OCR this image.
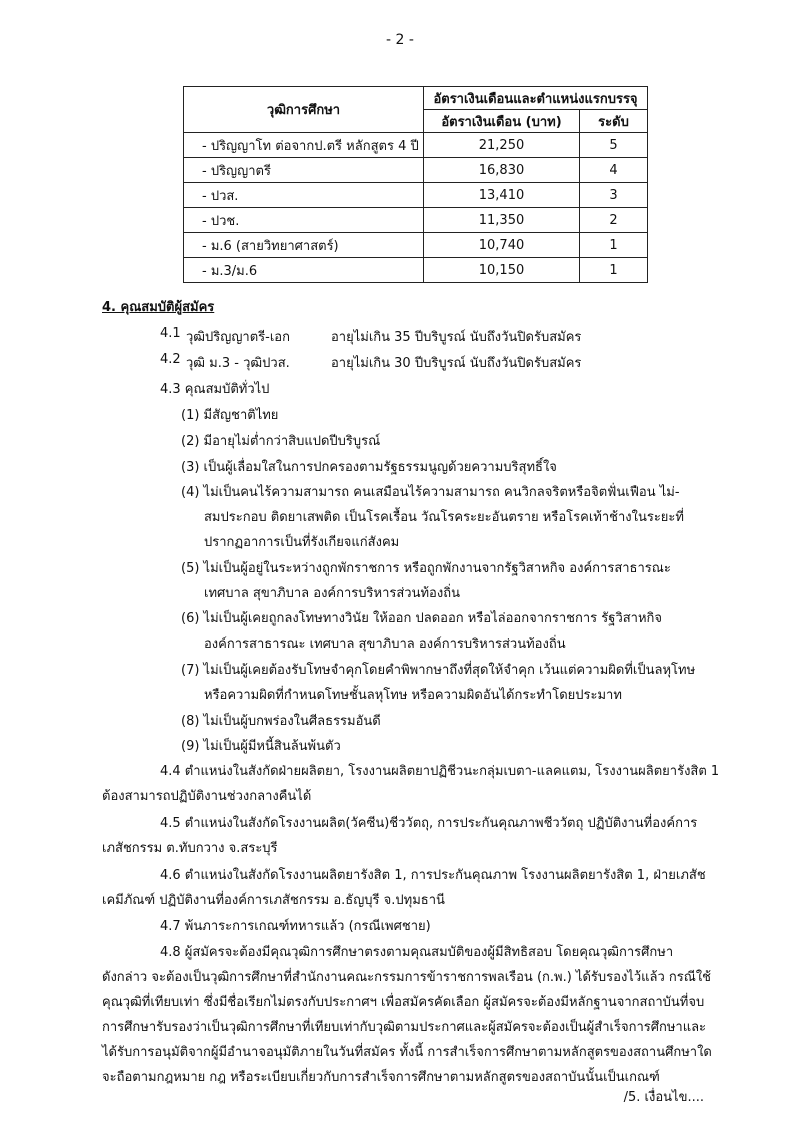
- 2 -
วุฒิการศึกษา	อัตราเงินเดือนและตำแหน่งแรกบรรจุ	
	อัตราเงินเดือน (บาท)	ระดับ
- ปริญญาโท ต่อจากป.ตรี หลักสูตร 4 ปี	21,250	5
- ปริญญาตรี	16,830	4
- ปวส.	13,410	3
- ปวช.	11,350	2
- ม.6 (สายวิทยาศาสตร์)	10,740	1
- ม.3/ม.6	10,150	1
4. คุณสมบัติผู้สมัคร
4.1 วุฒิปริญญาตรี-เอก	อายุไม่เกิน 35 ปีบริบูรณ์ นับถึงวันปิดรับสมัคร
4.2 วุฒิ ม.3 - วุฒิปวส.	อายุไม่เกิน 30 ปีบริบูรณ์ นับถึงวันปิดรับสมัคร
4.3 คุณสมบัติทั่วไป
(1) มีสัญชาติไทย
(2) มีอายุไม่ต่ำกว่าสิบแปดปีบริบูรณ์
(3) เป็นผู้เลื่อมใสในการปกครองตามรัฐธรรมนูญด้วยความบริสุทธิ์ใจ
(4) ไม่เป็นคนไร้ความสามารถ คนเสมือนไร้ความสามารถ คนวิกลจริตหรือจิตฟั่นเฟือน ไม่-
สมประกอบ ติดยาเสพติด เป็นโรคเรื้อน วัณโรคระยะอันตราย หรือโรคเท้าช้างในระยะที่
ปรากฏอาการเป็นที่รังเกียจแก่สังคม
(5) ไม่เป็นผู้อยู่ในระหว่างถูกพักราชการ หรือถูกพักงานจากรัฐวิสาหกิจ องค์การสาธารณะ
เทศบาล สุขาภิบาล องค์การบริหารส่วนท้องถิ่น
(6) ไม่เป็นผู้เคยถูกลงโทษทางวินัย ให้ออก ปลดออก หรือไล่ออกจากราชการ รัฐวิสาหกิจ
องค์การสาธารณะ เทศบาล สุขาภิบาล องค์การบริหารส่วนท้องถิ่น
(7) ไม่เป็นผู้เคยต้องรับโทษจำคุกโดยคำพิพากษาถึงที่สุดให้จำคุก เว้นแต่ความผิดที่เป็นลหุโทษ
หรือความผิดที่กำหนดโทษชั้นลหุโทษ หรือความผิดอันได้กระทำโดยประมาท
(8) ไม่เป็นผู้บกพร่องในศีลธรรมอันดี
(9) ไม่เป็นผู้มีหนี้สินล้นพ้นตัว
4.4 ตำแหน่งในสังกัดฝ่ายผลิตยา, โรงงานผลิตยาปฏิชีวนะกลุ่มเบตา-แลคแตม, โรงงานผลิตยารังสิต 1
ต้องสามารถปฏิบัติงานช่วงกลางคืนได้
4.5 ตำแหน่งในสังกัดโรงงานผลิต(วัคซีน)ชีววัตถุ, การประกันคุณภาพชีววัตถุ ปฏิบัติงานที่องค์การ
เภสัชกรรม ต.ทับกวาง จ.สระบุรี
4.6 ตำแหน่งในสังกัดโรงงานผลิตยารังสิต 1, การประกันคุณภาพ โรงงานผลิตยารังสิต 1, ฝ่ายเภสัช
เคมีภัณฑ์ ปฏิบัติงานที่องค์การเภสัชกรรม อ.ธัญบุรี จ.ปทุมธานี
4.7 พ้นภาระการเกณฑ์ทหารแล้ว (กรณีเพศชาย)
4.8 ผู้สมัครจะต้องมีคุณวุฒิการศึกษาตรงตามคุณสมบัติของผู้มีสิทธิสอบ โดยคุณวุฒิการศึกษา
ดังกล่าว จะต้องเป็นวุฒิการศึกษาที่สำนักงานคณะกรรมการข้าราชการพลเรือน (ก.พ.) ได้รับรองไว้แล้ว กรณีใช้
คุณวุฒิที่เทียบเท่า ซึ่งมีชื่อเรียกไม่ตรงกับประกาศฯ เพื่อสมัครคัดเลือก ผู้สมัครจะต้องมีหลักฐานจากสถาบันที่จบ
การศึกษารับรองว่าเป็นวุฒิการศึกษาที่เทียบเท่ากับวุฒิตามประกาศและผู้สมัครจะต้องเป็นผู้สำเร็จการศึกษาและ
ได้รับการอนุมัติจากผู้มีอำนาจอนุมัติภายในวันที่สมัคร ทั้งนี้ การสำเร็จการศึกษาตามหลักสูตรของสถานศึกษาใด
จะถือตามกฎหมาย กฎ หรือระเบียบเกี่ยวกับการสำเร็จการศึกษาตามหลักสูตรของสถาบันนั้นเป็นเกณฑ์
/5. เงื่อนไข....
